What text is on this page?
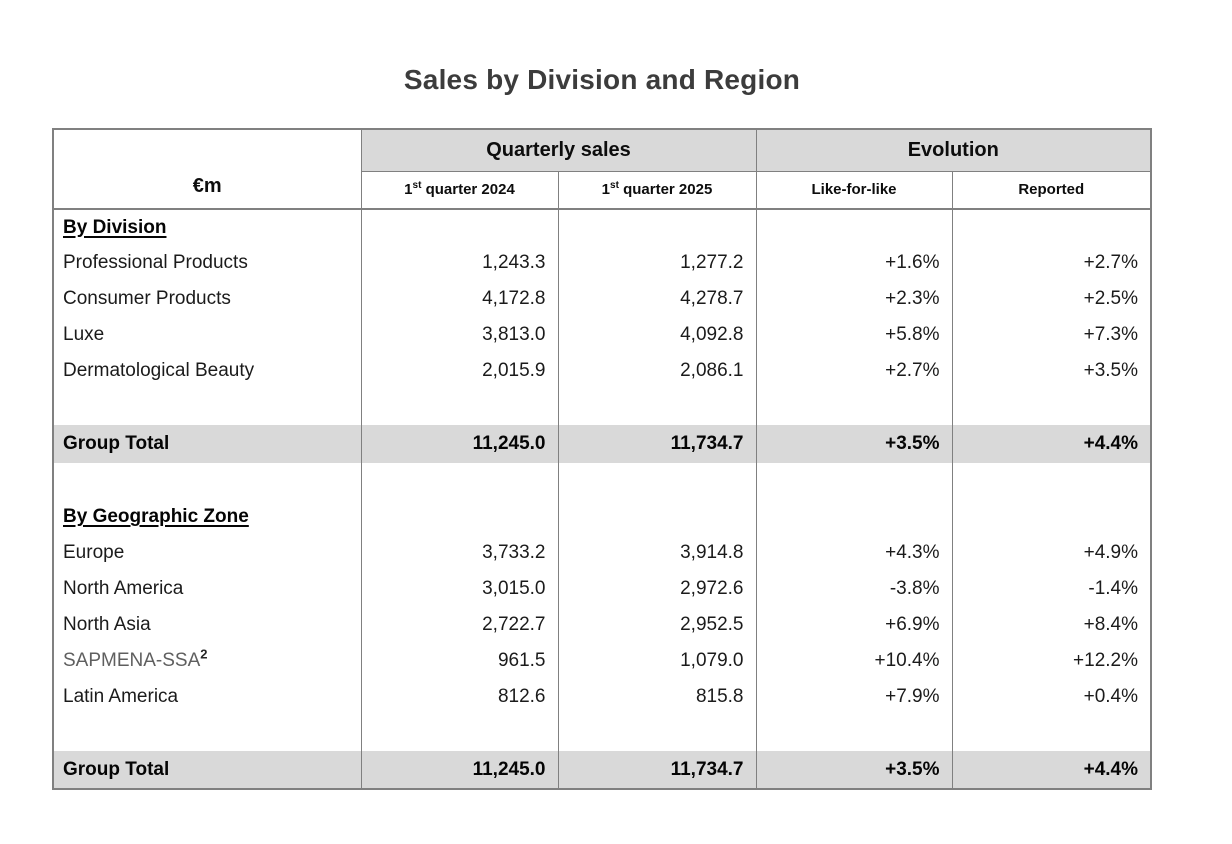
Sales by Division and Region
€m	Quarterly sales		Evolution	
	1st quarter 2024	1st quarter 2025	Like-for-like	Reported
By Division				
Professional Products	1,243.3	1,277.2	+1.6%	+2.7%
Consumer Products	4,172.8	4,278.7	+2.3%	+2.5%
Luxe	3,813.0	4,092.8	+5.8%	+7.3%
Dermatological Beauty	2,015.9	2,086.1	+2.7%	+3.5%

Group Total	11,245.0	11,734.7	+3.5%	+4.4%

By Geographic Zone				
Europe	3,733.2	3,914.8	+4.3%	+4.9%
North America	3,015.0	2,972.6	-3.8%	-1.4%
North Asia	2,722.7	2,952.5	+6.9%	+8.4%
SAPMENA-SSA$^2$	961.5	1,079.0	+10.4%	+12.2%
Latin America	812.6	815.8	+7.9%	+0.4%

Group Total	11,245.0	11,734.7	+3.5%	+4.4%
